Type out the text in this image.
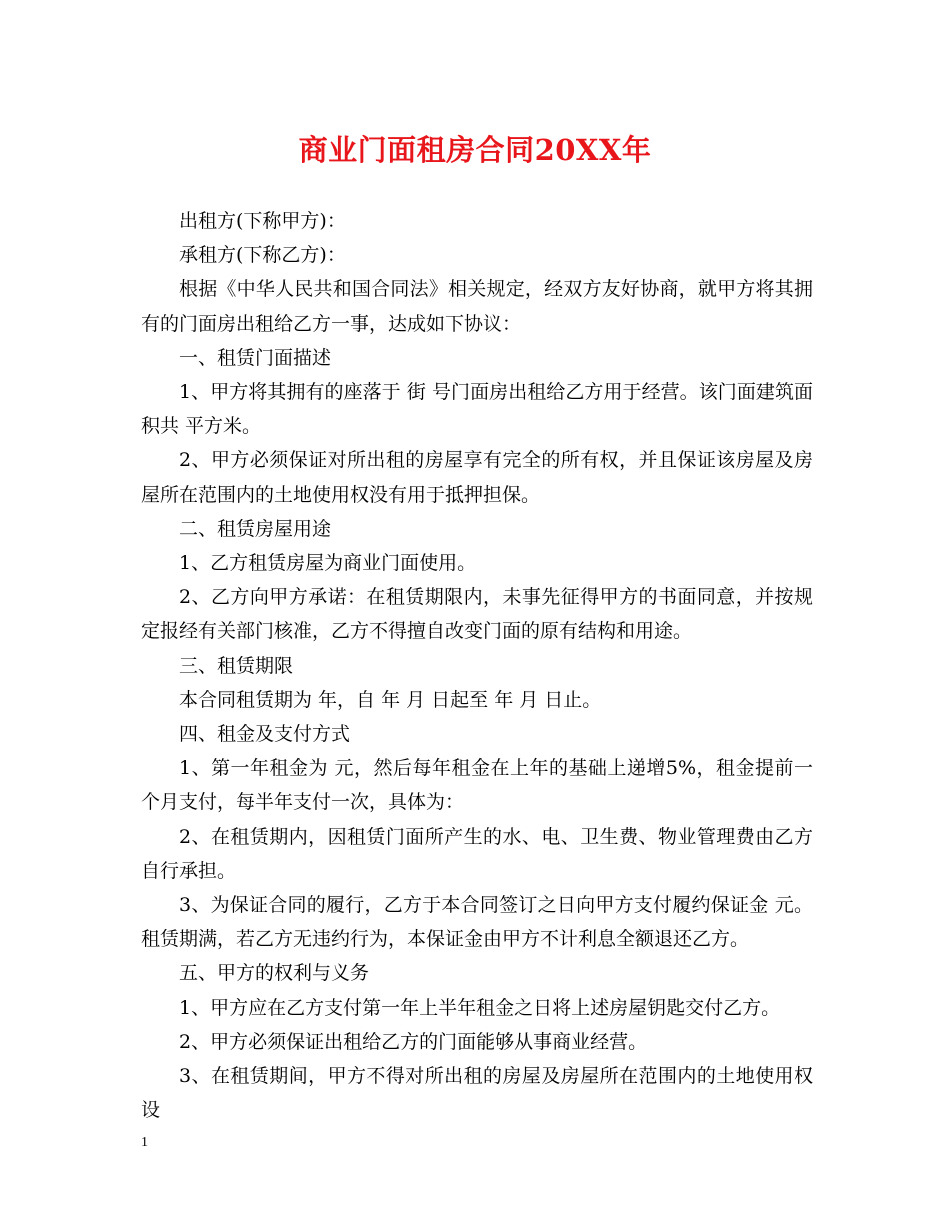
商业门面租房合同20XX年

出租方(下称甲方)：

承租方(下称乙方)：

根据《中华人民共和国合同法》相关规定，经双方友好协商，就甲方将其拥有的门面房出租给乙方一事，达成如下协议：

一、租赁门面描述

1、甲方将其拥有的座落于 街 号门面房出租给乙方用于经营。该门面建筑面积共 平方米。

2、甲方必须保证对所出租的房屋享有完全的所有权，并且保证该房屋及房屋所在范围内的土地使用权没有用于抵押担保。

二、租赁房屋用途

1、乙方租赁房屋为商业门面使用。

2、乙方向甲方承诺：在租赁期限内，未事先征得甲方的书面同意，并按规定报经有关部门核准，乙方不得擅自改变门面的原有结构和用途。

三、租赁期限

本合同租赁期为 年，自 年 月 日起至 年 月 日止。

四、租金及支付方式

1、第一年租金为 元，然后每年租金在上年的基础上递增5%，租金提前一个月支付，每半年支付一次，具体为：

2、在租赁期内，因租赁门面所产生的水、电、卫生费、物业管理费由乙方自行承担。

3、为保证合同的履行，乙方于本合同签订之日向甲方支付履约保证金 元。租赁期满，若乙方无违约行为，本保证金由甲方不计利息全额退还乙方。

五、甲方的权利与义务

1、甲方应在乙方支付第一年上半年租金之日将上述房屋钥匙交付乙方。

2、甲方必须保证出租给乙方的门面能够从事商业经营。

3、在租赁期间，甲方不得对所出租的房屋及房屋所在范围内的土地使用权设

1
